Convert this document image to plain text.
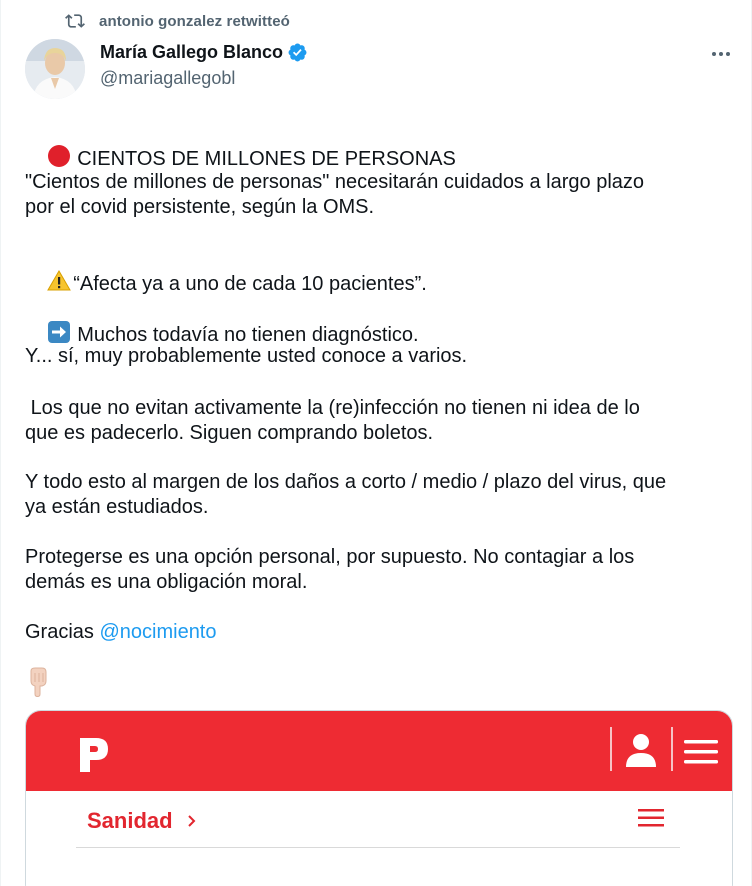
antonio gonzalez retwitteó
María Gallego Blanco
@mariagallegobl

CIENTOS DE MILLONES DE PERSONAS

"Cientos de millones de personas" necesitarán cuidados a largo plazo
por el covid persistente, según la OMS.

“Afecta ya a uno de cada 10 pacientes”.

Muchos todavía no tienen diagnóstico.

Y... sí, muy probablemente usted conoce a varios.
Los que no evitan activamente la (re)infección no tienen ni idea de lo
que es padecerlo. Siguen comprando boletos.
Y todo esto al margen de los daños a corto / medio / plazo del virus, que
ya están estudiados.
Protegerse es una opción personal, por supuesto. No contagiar a los
demás es una obligación moral.
Gracias @nocimiento
Sanidad
